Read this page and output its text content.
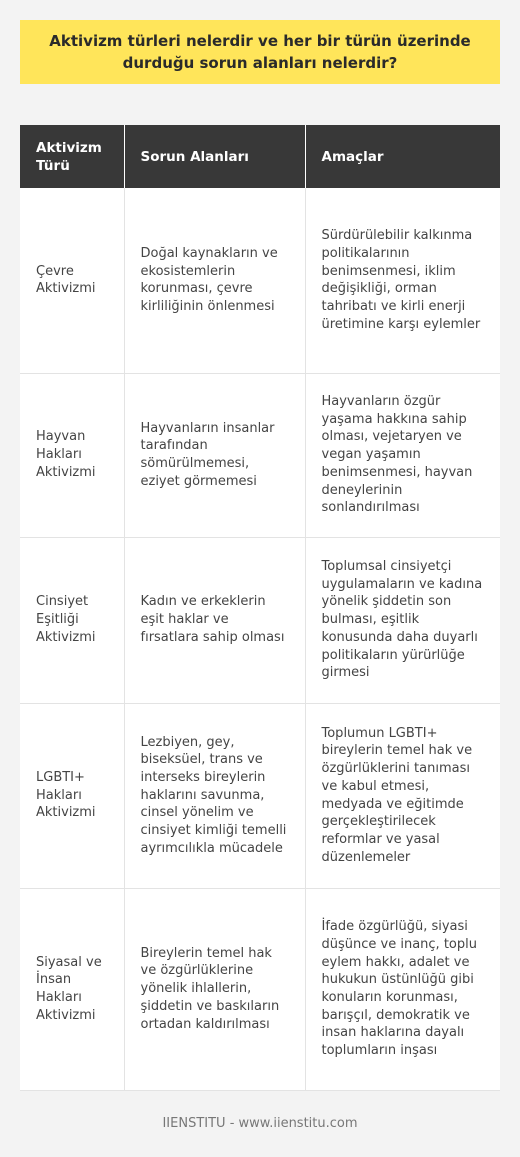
Aktivizm türleri nelerdir ve her bir türün üzerinde durduğu sorun alanları nelerdir?
Aktivizm Türü	Sorun Alanları	Amaçlar
Çevre Aktivizmi	Doğal kaynakların ve ekosistemlerin korunması, çevre kirliliğinin önlenmesi	Sürdürülebilir kalkınma politikalarının benimsenmesi, iklim değişikliği, orman tahribatı ve kirli enerji üretimine karşı eylemler
Hayvan Hakları Aktivizmi	Hayvanların insanlar tarafından sömürülmemesi, eziyet görmemesi	Hayvanların özgür yaşama hakkına sahip olması, vejetaryen ve vegan yaşamın benimsenmesi, hayvan deneylerinin sonlandırılması
Cinsiyet Eşitliği Aktivizmi	Kadın ve erkeklerin eşit haklar ve fırsatlara sahip olması	Toplumsal cinsiyetçi uygulamaların ve kadına yönelik şiddetin son bulması, eşitlik konusunda daha duyarlı politikaların yürürlüğe girmesi
LGBTI+ Hakları Aktivizmi	Lezbiyen, gey, biseksüel, trans ve interseks bireylerin haklarını savunma, cinsel yönelim ve cinsiyet kimliği temelli ayrımcılıkla mücadele	Toplumun LGBTI+ bireylerin temel hak ve özgürlüklerini tanıması ve kabul etmesi, medyada ve eğitimde gerçekleştirilecek reformlar ve yasal düzenlemeler
Siyasal ve İnsan Hakları Aktivizmi	Bireylerin temel hak ve özgürlüklerine yönelik ihlallerin, şiddetin ve baskıların ortadan kaldırılması	İfade özgürlüğü, siyasi düşünce ve inanç, toplu eylem hakkı, adalet ve hukukun üstünlüğü gibi konuların korunması, barışçıl, demokratik ve insan haklarına dayalı toplumların inşası
IIENSTITU - www.iienstitu.com
